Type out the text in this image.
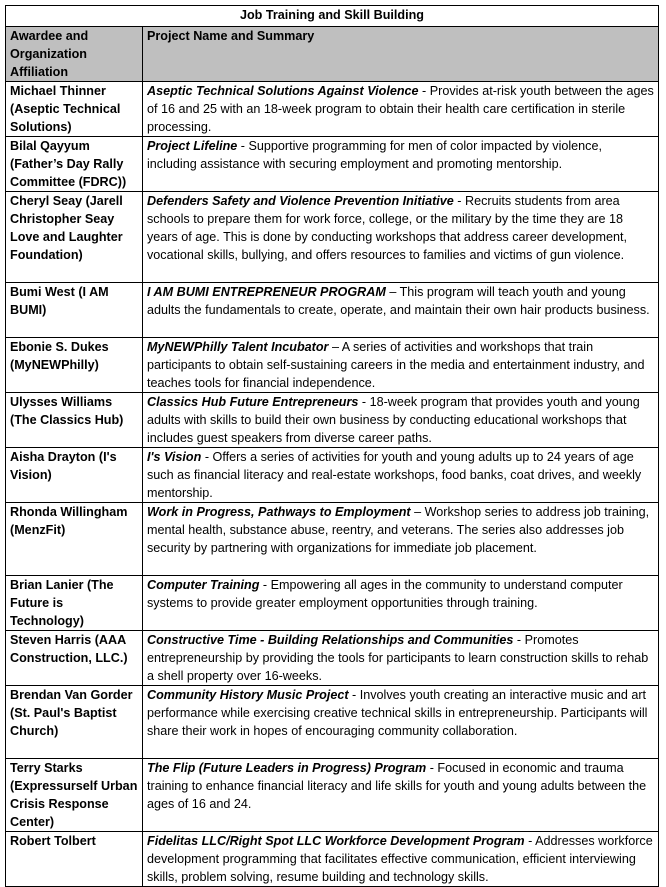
Job Training and Skill Building	
Awardee and Organization Affiliation	Project Name and Summary
Michael Thinner (Aseptic Technical Solutions)	Aseptic Technical Solutions Against Violence - Provides at-risk youth between the ages of 16 and 25 with an 18-week program to obtain their health care certification in sterile processing.
Bilal Qayyum (Father’s Day Rally Committee (FDRC))	Project Lifeline - Supportive programming for men of color impacted by violence, including assistance with securing employment and promoting mentorship.
Cheryl Seay (Jarell Christopher Seay Love and Laughter Foundation)	Defenders Safety and Violence Prevention Initiative - Recruits students from area schools to prepare them for work force, college, or the military by the time they are 18 years of age. This is done by conducting workshops that address career development, vocational skills, bullying, and offers resources to families and victims of gun violence.
Bumi West (I AM BUMI)	I AM BUMI ENTREPRENEUR PROGRAM – This program will teach youth and young adults the fundamentals to create, operate, and maintain their own hair products business.
Ebonie S. Dukes (MyNEWPhilly)	MyNEWPhilly Talent Incubator – A series of activities and workshops that train participants to obtain self-sustaining careers in the media and entertainment industry, and teaches tools for financial independence.
Ulysses Williams (The Classics Hub)	Classics Hub Future Entrepreneurs - 18-week program that provides youth and young adults with skills to build their own business by conducting educational workshops that includes guest speakers from diverse career paths.
Aisha Drayton (I's Vision)	I's Vision - Offers a series of activities for youth and young adults up to 24 years of age such as financial literacy and real-estate workshops, food banks, coat drives, and weekly mentorship.
Rhonda Willingham (MenzFit)	Work in Progress, Pathways to Employment – Workshop series to address job training, mental health, substance abuse, reentry, and veterans. The series also addresses job security by partnering with organizations for immediate job placement.
Brian Lanier (The Future is Technology)	Computer Training - Empowering all ages in the community to understand computer systems to provide greater employment opportunities through training.
Steven Harris (AAA Construction, LLC.)	Constructive Time - Building Relationships and Communities - Promotes entrepreneurship by providing the tools for participants to learn construction skills to rehab a shell property over 16-weeks.
Brendan Van Gorder (St. Paul's Baptist Church)	Community History Music Project - Involves youth creating an interactive music and art performance while exercising creative technical skills in entrepreneurship. Participants will share their work in hopes of encouraging community collaboration.
Terry Starks (Expressurself Urban Crisis Response Center)	The Flip (Future Leaders in Progress) Program - Focused in economic and trauma training to enhance financial literacy and life skills for youth and young adults between the ages of 16 and 24.
Robert Tolbert	Fidelitas LLC/Right Spot LLC Workforce Development Program - Addresses workforce development programming that facilitates effective communication, efficient interviewing skills, problem solving, resume building and technology skills.
